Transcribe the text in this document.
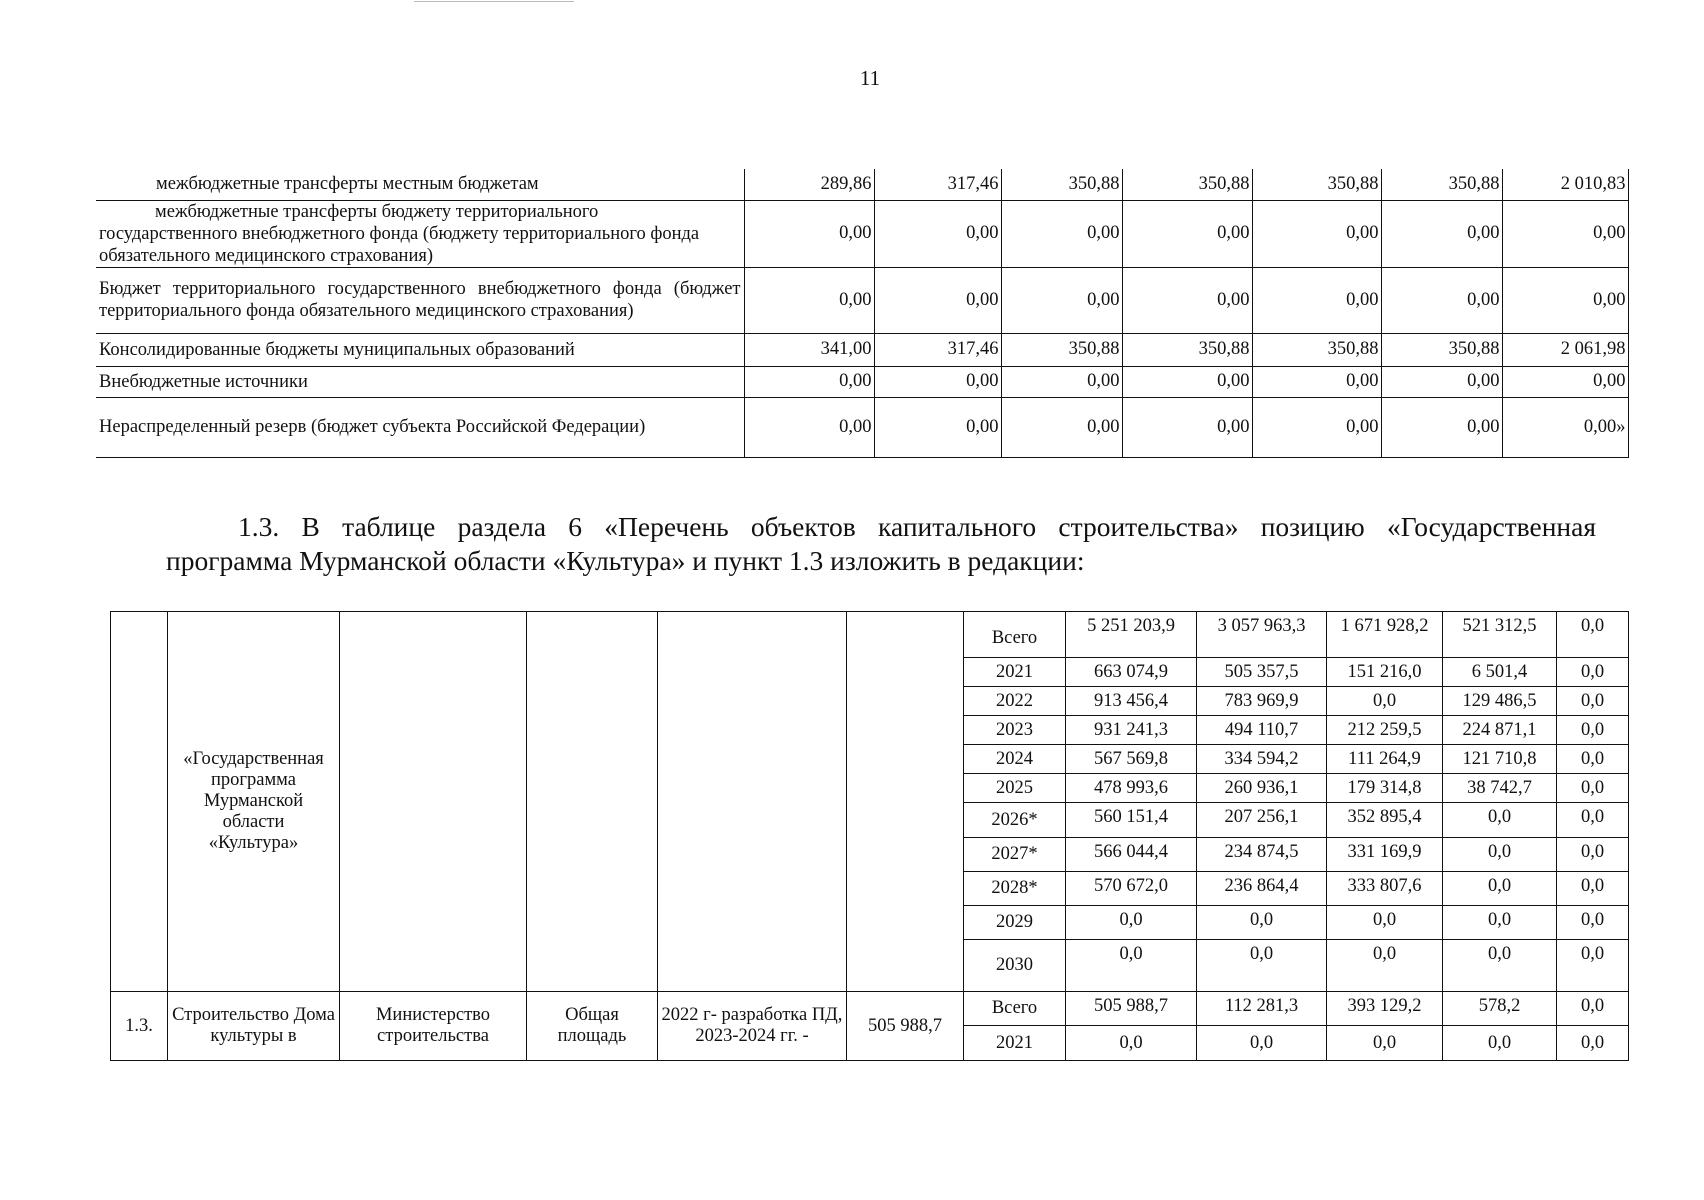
11
межбюджетные трансферты местным бюджетам	289,86	317,46	350,88	350,88	350,88	350,88	2 010,83
межбюджетные трансферты бюджету территориального государственного внебюджетного фонда (бюджету территориального фонда обязательного медицинского страхования)	0,00	0,00	0,00	0,00	0,00	0,00	0,00
Бюджет территориального государственного внебюджетного фонда (бюджет территориального фонда обязательного медицинского страхования)	0,00	0,00	0,00	0,00	0,00	0,00	0,00
Консолидированные бюджеты муниципальных образований	341,00	317,46	350,88	350,88	350,88	350,88	2 061,98
Внебюджетные источники	0,00	0,00	0,00	0,00	0,00	0,00	0,00
Нераспределенный резерв (бюджет субъекта Российской Федерации)	0,00	0,00	0,00	0,00	0,00	0,00	0,00»
1.3. В таблице раздела 6 «Перечень объектов капитального строительства» позицию «Государственная
программа Мурманской области «Культура» и пункт 1.3 изложить в редакции:
	«Государственная программа Мурманской области «Культура»					Всего	5 251 203,9	3 057 963,3	1 671 928,2	521 312,5	0,0
						2021	663 074,9	505 357,5	151 216,0	6 501,4	0,0
						2022	913 456,4	783 969,9	0,0	129 486,5	0,0
						2023	931 241,3	494 110,7	212 259,5	224 871,1	0,0
						2024	567 569,8	334 594,2	111 264,9	121 710,8	0,0
						2025	478 993,6	260 936,1	179 314,8	38 742,7	0,0
						2026*	560 151,4	207 256,1	352 895,4	0,0	0,0
						2027*	566 044,4	234 874,5	331 169,9	0,0	0,0
						2028*	570 672,0	236 864,4	333 807,6	0,0	0,0
						2029	0,0	0,0	0,0	0,0	0,0
						2030	0,0	0,0	0,0	0,0	0,0
1.3.	Строительство Дома культуры в	Министерство строительства	Общая площадь	2022 г- разработка ПД, 2023-2024 гг. -	505 988,7	Всего	505 988,7	112 281,3	393 129,2	578,2	0,0
						2021	0,0	0,0	0,0	0,0	0,0
